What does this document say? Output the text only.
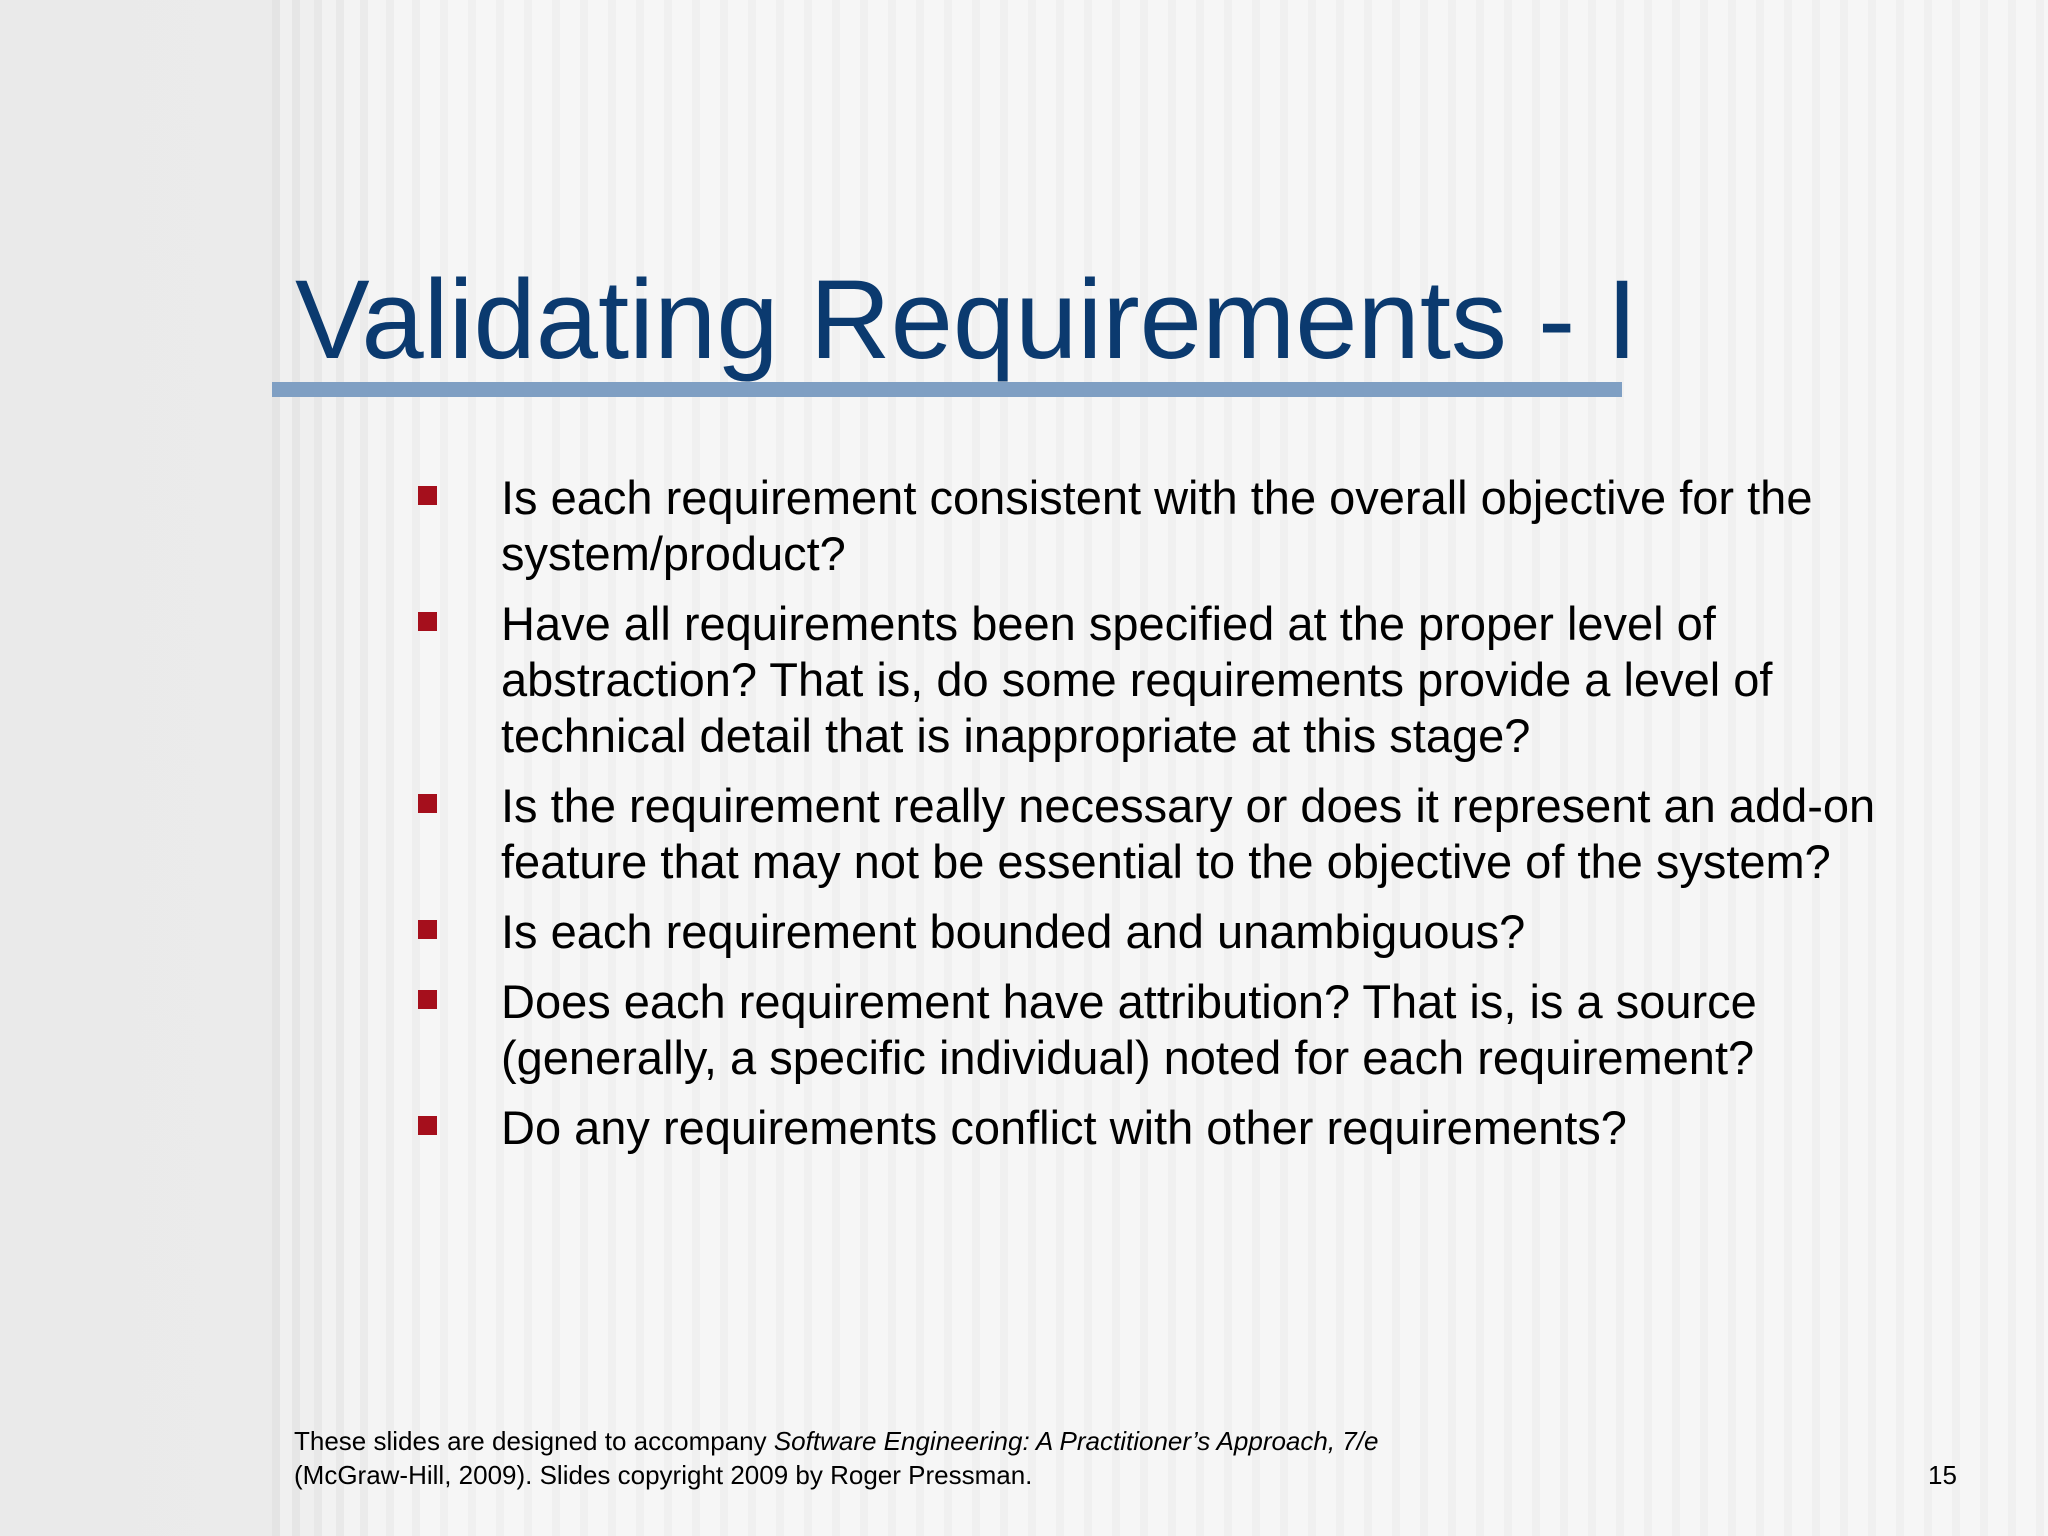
Validating Requirements - I
Is each requirement consistent with the overall objective for the system/product?
Have all requirements been specified at the proper level of abstraction? That is, do some requirements provide a level of technical detail that is inappropriate at this stage?
Is the requirement really necessary or does it represent an add-on feature that may not be essential to the objective of the system?
Is each requirement bounded and unambiguous?
Does each requirement have attribution? That is, is a source (generally, a specific individual) noted for each requirement?
Do any requirements conflict with other requirements?
These slides are designed to accompany Software Engineering: A Practitioner’s Approach, 7/e
(McGraw-Hill, 2009). Slides copyright 2009 by Roger Pressman.	15
